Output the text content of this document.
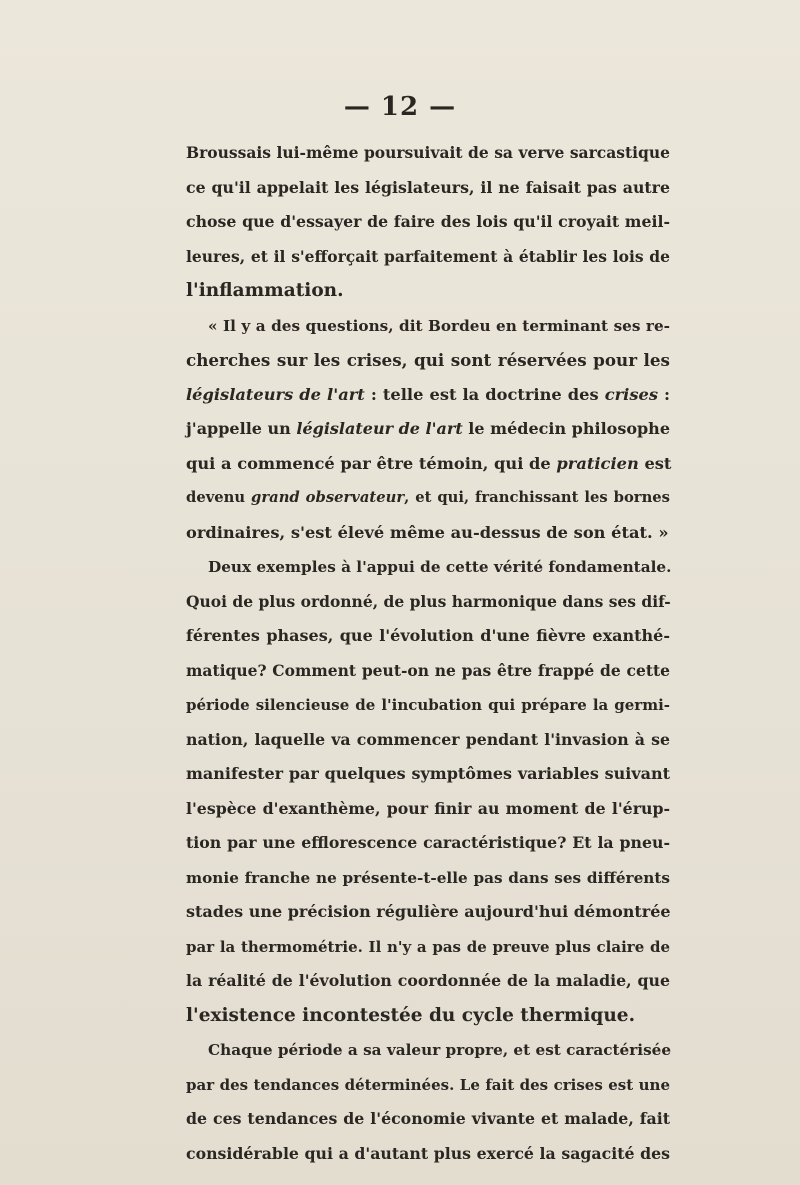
— 12 —
Broussais lui-même poursuivait de sa verve sarcastique
ce qu'il appelait les législateurs, il ne faisait pas autre
chose que d'essayer de faire des lois qu'il croyait meil-
leures, et il s'efforçait parfaitement à établir les lois de
l'inflammation.
« Il y a des questions, dit Bordeu en terminant ses re-
cherches sur les crises, qui sont réservées pour les
législateurs de l'art : telle est la doctrine des crises :
j'appelle un législateur de l'art le médecin philosophe
qui a commencé par être témoin, qui de praticien est
devenu grand observateur, et qui, franchissant les bornes
ordinaires, s'est élevé même au-dessus de son état. »
Deux exemples à l'appui de cette vérité fondamentale.
Quoi de plus ordonné, de plus harmonique dans ses dif-
férentes phases, que l'évolution d'une fièvre exanthé-
matique? Comment peut-on ne pas être frappé de cette
période silencieuse de l'incubation qui prépare la germi-
nation, laquelle va commencer pendant l'invasion à se
manifester par quelques symptômes variables suivant
l'espèce d'exanthème, pour finir au moment de l'érup-
tion par une efflorescence caractéristique? Et la pneu-
monie franche ne présente-t-elle pas dans ses différents
stades une précision régulière aujourd'hui démontrée
par la thermométrie. Il n'y a pas de preuve plus claire de
la réalité de l'évolution coordonnée de la maladie, que
l'existence incontestée du cycle thermique.
Chaque période a sa valeur propre, et est caractérisée
par des tendances déterminées. Le fait des crises est une
de ces tendances de l'économie vivante et malade, fait
considérable qui a d'autant plus exercé la sagacité des
